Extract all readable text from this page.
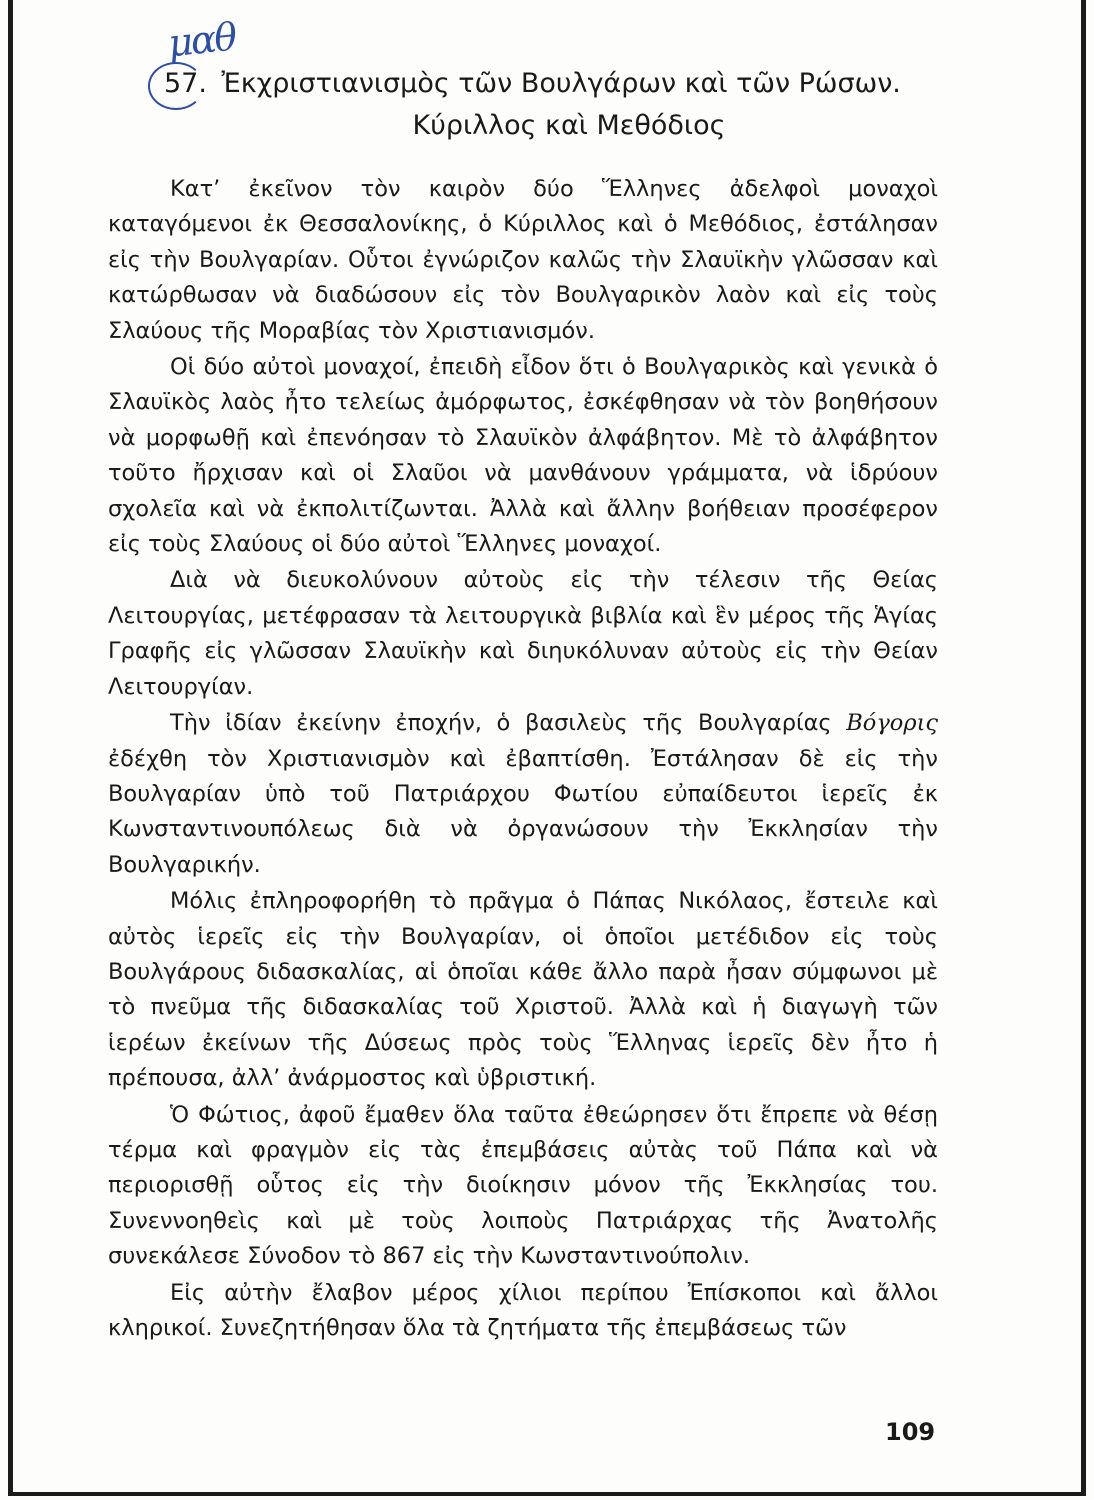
μαθ
57. Ἐκχριστιανισμὸς τῶν Βουλγάρων καὶ τῶν Ρώσων.
Κύριλλος καὶ Μεθόδιος

Κατ’ ἐκεῖνον τὸν καιρὸν δύο Ἕλληνες ἀδελφοὶ μοναχοὶ καταγόμενοι ἐκ Θεσσαλονίκης, ὁ Κύριλλος καὶ ὁ Μεθόδιος, ἐστάλησαν εἰς τὴν Βουλγαρίαν. Οὗτοι ἐγνώριζον καλῶς τὴν Σλαυϊκὴν γλῶσσαν καὶ κατώρθωσαν νὰ διαδώσουν εἰς τὸν Βουλγαρικὸν λαὸν καὶ εἰς τοὺς Σλαύους τῆς Μοραβίας τὸν Χριστιανισμόν.

Οἱ δύο αὐτοὶ μοναχοί, ἐπειδὴ εἶδον ὅτι ὁ Βουλγαρικὸς καὶ γενικὰ ὁ Σλαυϊκὸς λαὸς ἦτο τελείως ἀμόρφωτος, ἐσκέφθησαν νὰ τὸν βοηθήσουν νὰ μορφωθῇ καὶ ἐπενόησαν τὸ Σλαυϊκὸν ἀλφάβητον. Μὲ τὸ ἀλφάβητον τοῦτο ἤρχισαν καὶ οἱ Σλαῦοι νὰ μανθάνουν γράμματα, νὰ ἱδρύουν σχολεῖα καὶ νὰ ἐκπολιτίζωνται. Ἀλλὰ καὶ ἄλλην βοήθειαν προσέφερον εἰς τοὺς Σλαύους οἱ δύο αὐτοὶ Ἕλληνες μοναχοί.

Διὰ νὰ διευκολύνουν αὐτοὺς εἰς τὴν τέλεσιν τῆς Θείας Λειτουργίας, μετέφρασαν τὰ λειτουργικὰ βιβλία καὶ ἓν μέρος τῆς Ἁγίας Γραφῆς εἰς γλῶσσαν Σλαυϊκὴν καὶ διηυκόλυναν αὐτοὺς εἰς τὴν Θείαν Λειτουργίαν.

Τὴν ἰδίαν ἐκείνην ἐποχήν, ὁ βασιλεὺς τῆς Βουλγαρίας Βόγορις ἐδέχθη τὸν Χριστιανισμὸν καὶ ἐβαπτίσθη. Ἐστάλησαν δὲ εἰς τὴν Βουλγαρίαν ὑπὸ τοῦ Πατριάρχου Φωτίου εὐπαίδευτοι ἱερεῖς ἐκ Κωνσταντινουπόλεως διὰ νὰ ὀργανώσουν τὴν Ἐκκλησίαν τὴν Βουλγαρικήν.

Μόλις ἐπληροφορήθη τὸ πρᾶγμα ὁ Πάπας Νικόλαος, ἔστειλε καὶ αὐτὸς ἱερεῖς εἰς τὴν Βουλγαρίαν, οἱ ὁποῖοι μετέδιδον εἰς τοὺς Βουλγάρους διδασκαλίας, αἱ ὁποῖαι κάθε ἄλλο παρὰ ἦσαν σύμφωνοι μὲ τὸ πνεῦμα τῆς διδασκαλίας τοῦ Χριστοῦ. Ἀλλὰ καὶ ἡ διαγωγὴ τῶν ἱερέων ἐκείνων τῆς Δύσεως πρὸς τοὺς Ἕλληνας ἱερεῖς δὲν ἦτο ἡ πρέπουσα, ἀλλ’ ἀνάρμοστος καὶ ὑβριστική.

Ὁ Φώτιος, ἀφοῦ ἔμαθεν ὅλα ταῦτα ἐθεώρησεν ὅτι ἔπρεπε νὰ θέσῃ τέρμα καὶ φραγμὸν εἰς τὰς ἐπεμβάσεις αὐτὰς τοῦ Πάπα καὶ νὰ περιορισθῇ οὗτος εἰς τὴν διοίκησιν μόνον τῆς Ἐκκλησίας του. Συνεννοηθεὶς καὶ μὲ τοὺς λοιποὺς Πατριάρχας τῆς Ἀνατολῆς συνεκάλεσε Σύνοδον τὸ 867 εἰς τὴν Κωνσταντινούπολιν.

Εἰς αὐτὴν ἔλαβον μέρος χίλιοι περίπου Ἐπίσκοποι καὶ ἄλλοι κληρικοί. Συνεζητήθησαν ὅλα τὰ ζητήματα τῆς ἐπεμβάσεως τῶν

109
